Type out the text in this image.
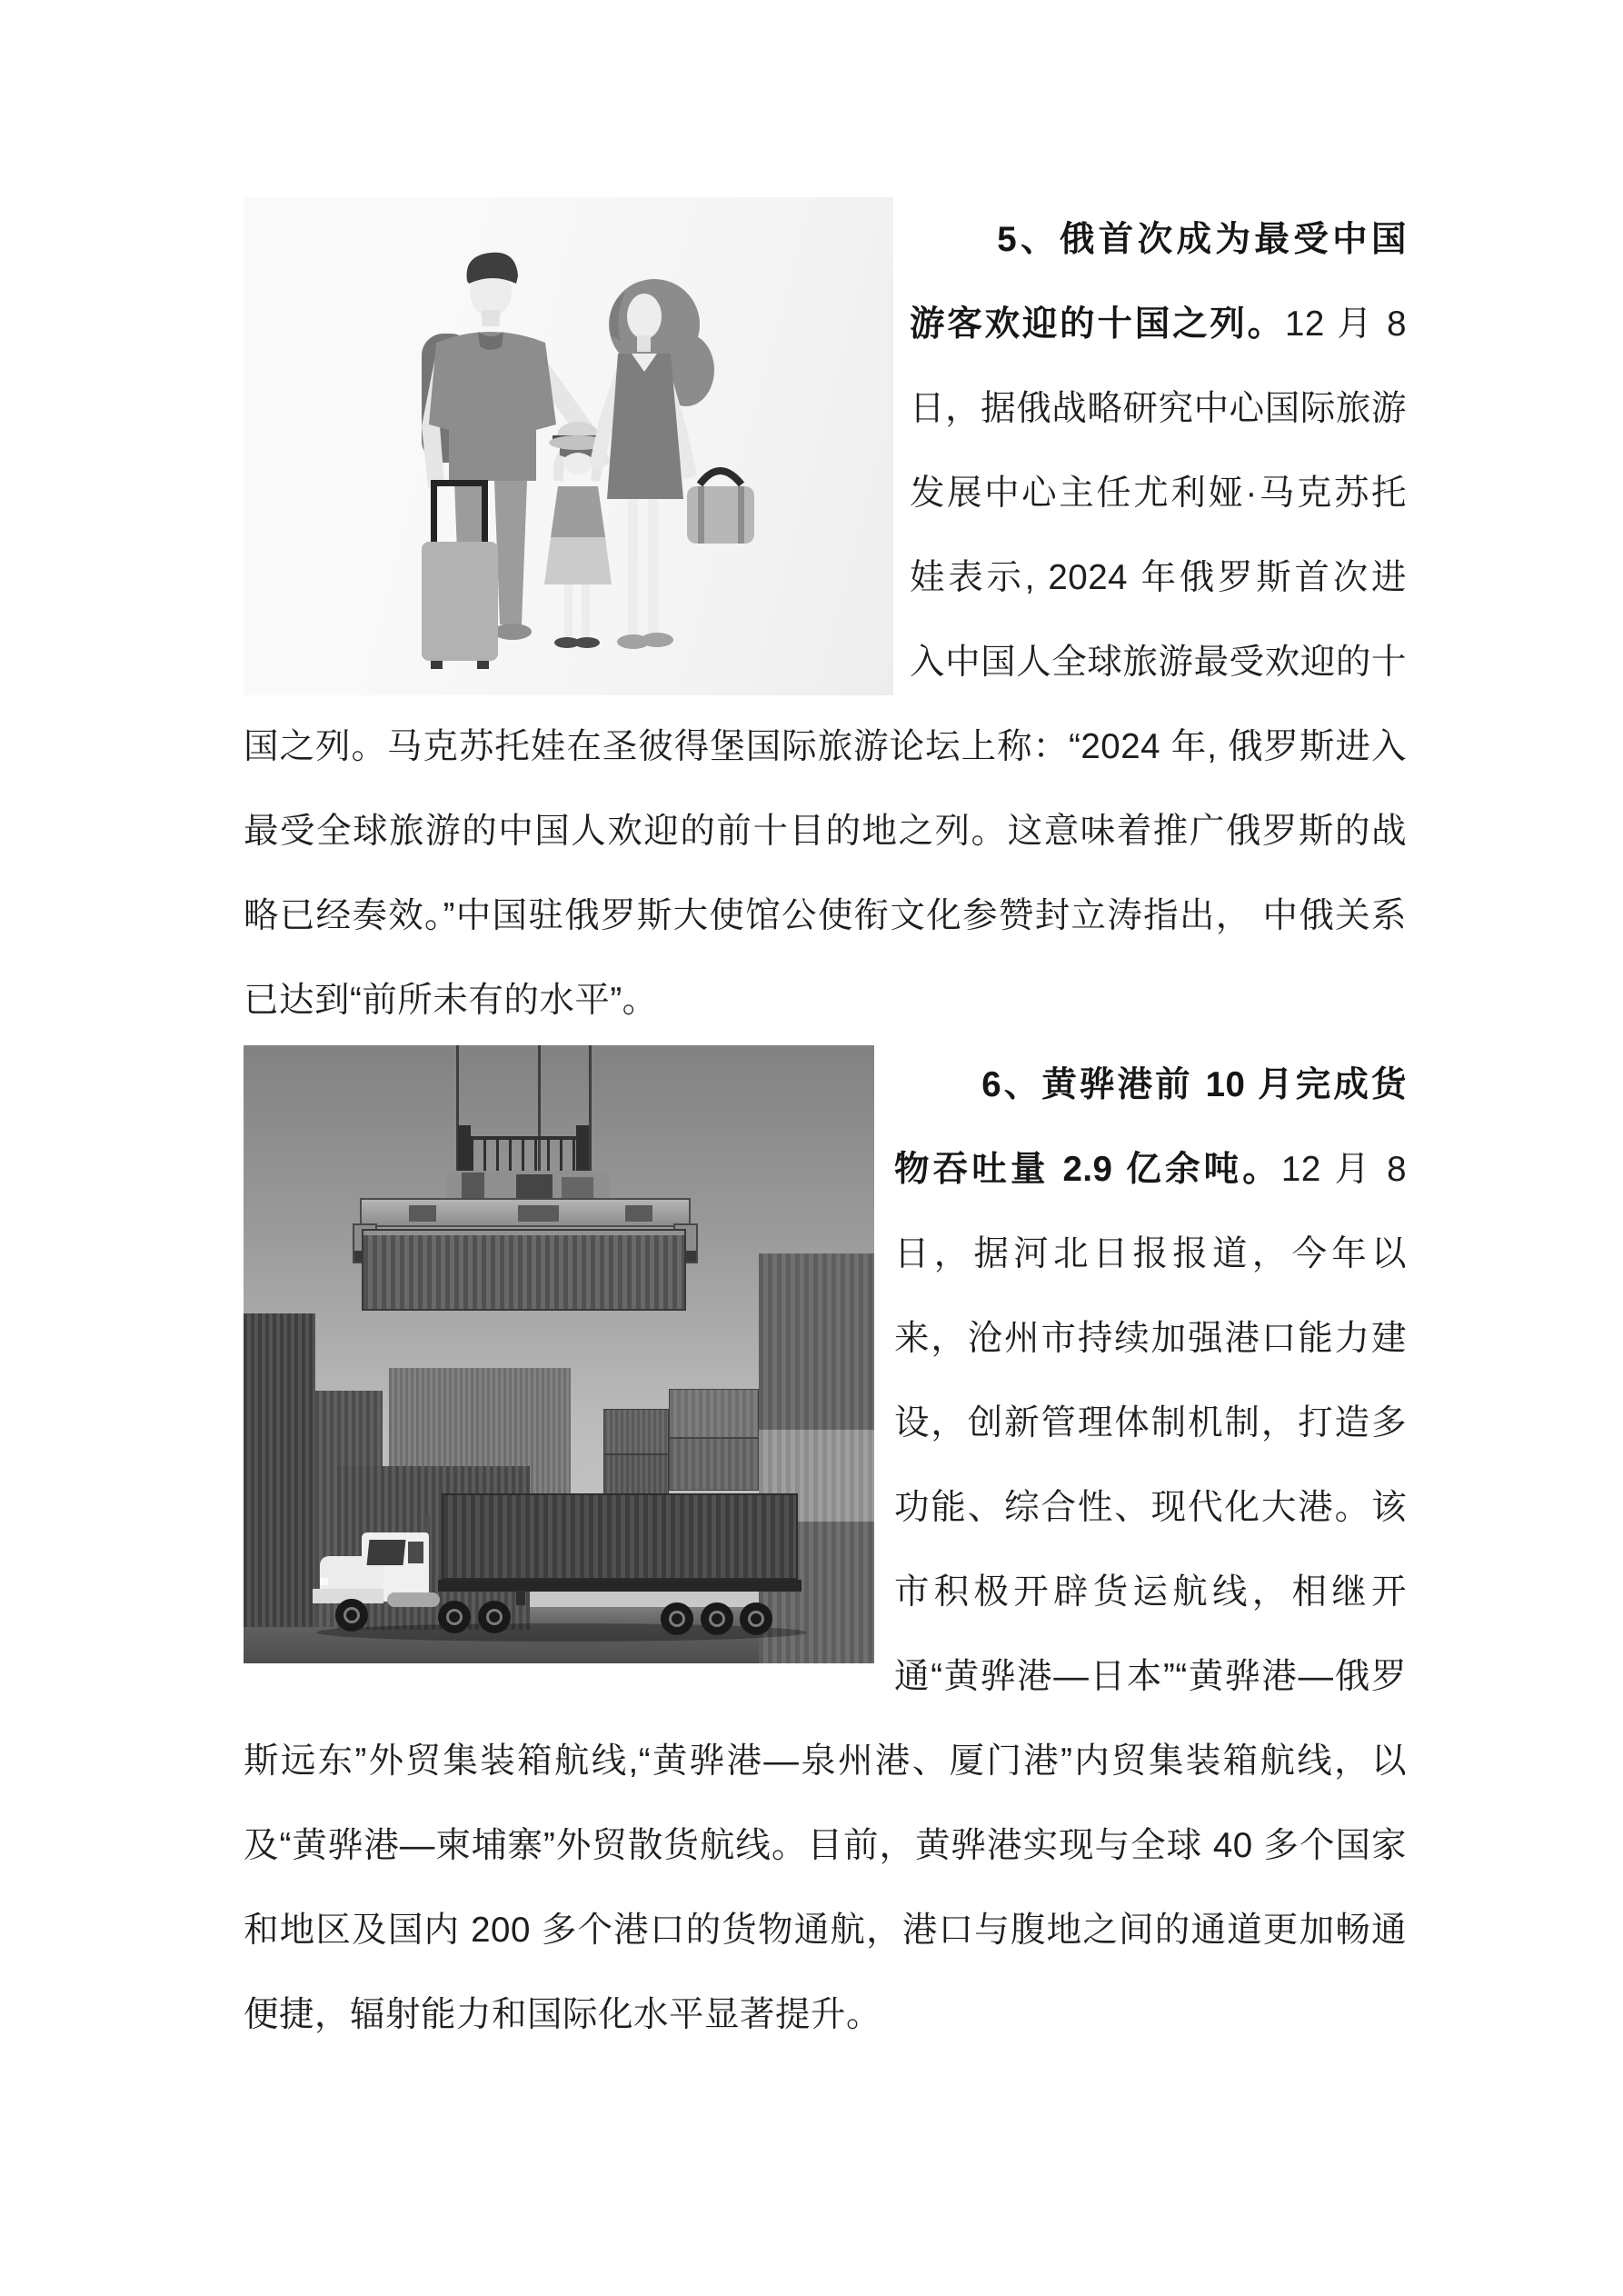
5、俄首次成为最受中国游客欢迎的十国之列。12 月 8 日，据俄战略研究中心国际旅游发展中心主任尤利娅·马克苏托娃表示, 2024 年俄罗斯首次进入中国人全球旅游最受欢迎的十国之列。马克苏托娃在圣彼得堡国际旅游论坛上称：“2024 年, 俄罗斯进入最受全球旅游的中国人欢迎的前十目的地之列。这意味着推广俄罗斯的战略已经奏效。”中国驻俄罗斯大使馆公使衔文化参赞封立涛指出， 中俄关系已达到“前所未有的水平”。

6、黄骅港前 10 月完成货物吞吐量 2.9 亿余吨。12 月 8 日，据河北日报报道，今年以来，沧州市持续加强港口能力建设，创新管理体制机制，打造多功能、综合性、现代化大港。该市积极开辟货运航线，相继开通“黄骅港—日本”“黄骅港—俄罗斯远东”外贸集装箱航线,“黄骅港—泉州港、厦门港”内贸集装箱航线，以及“黄骅港—柬埔寨”外贸散货航线。目前，黄骅港实现与全球 40 多个国家和地区及国内 200 多个港口的货物通航，港口与腹地之间的通道更加畅通便捷，辐射能力和国际化水平显著提升。
